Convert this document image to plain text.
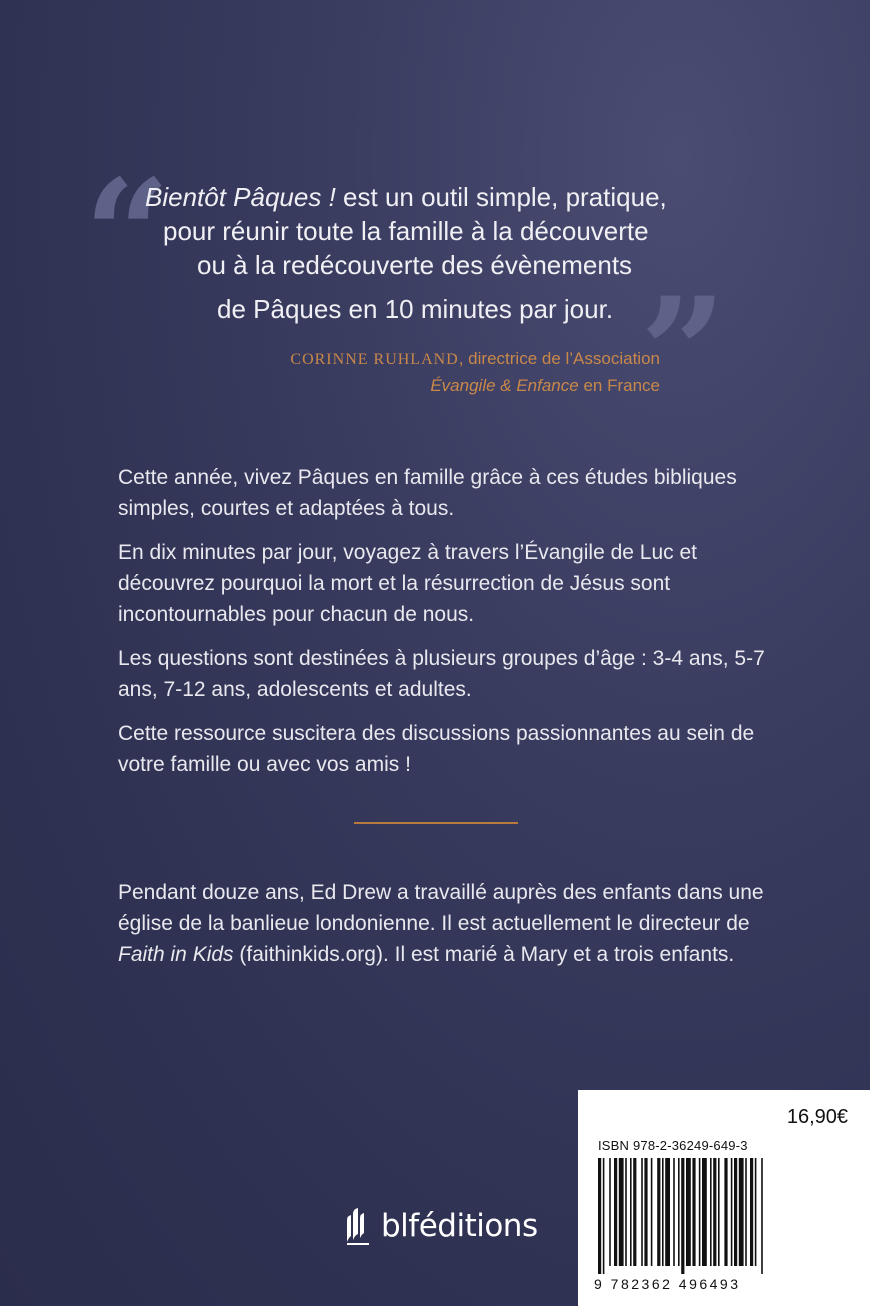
“
”
Bientôt Pâques ! est un outil simple, pratique,
pour réunir toute la famille à la découverte
ou à la redécouverte des évènements
de Pâques en 10 minutes par jour.
CORINNE RUHLAND, directrice de l’Association
Évangile & Enfance en France

Cette année, vivez Pâques en famille grâce à ces études bibliques simples, courtes et adaptées à tous.

En dix minutes par jour, voyagez à travers l’Évangile de Luc et découvrez pourquoi la mort et la résurrection de Jésus sont incontournables pour chacun de nous.

Les questions sont destinées à plusieurs groupes d’âge : 3-4 ans, 5-7 ans, 7-12 ans, adolescents et adultes.

Cette ressource suscitera des discussions passionnantes au sein de votre famille ou avec vos amis !

Pendant douze ans, Ed Drew a travaillé auprès des enfants dans une église de la banlieue londonienne. Il est actuellement le directeur de Faith in Kids (faithinkids.org). Il est marié à Mary et a trois enfants.

blféditions
16,90€
ISBN 978-2-36249-649-3
9 782362 496493
